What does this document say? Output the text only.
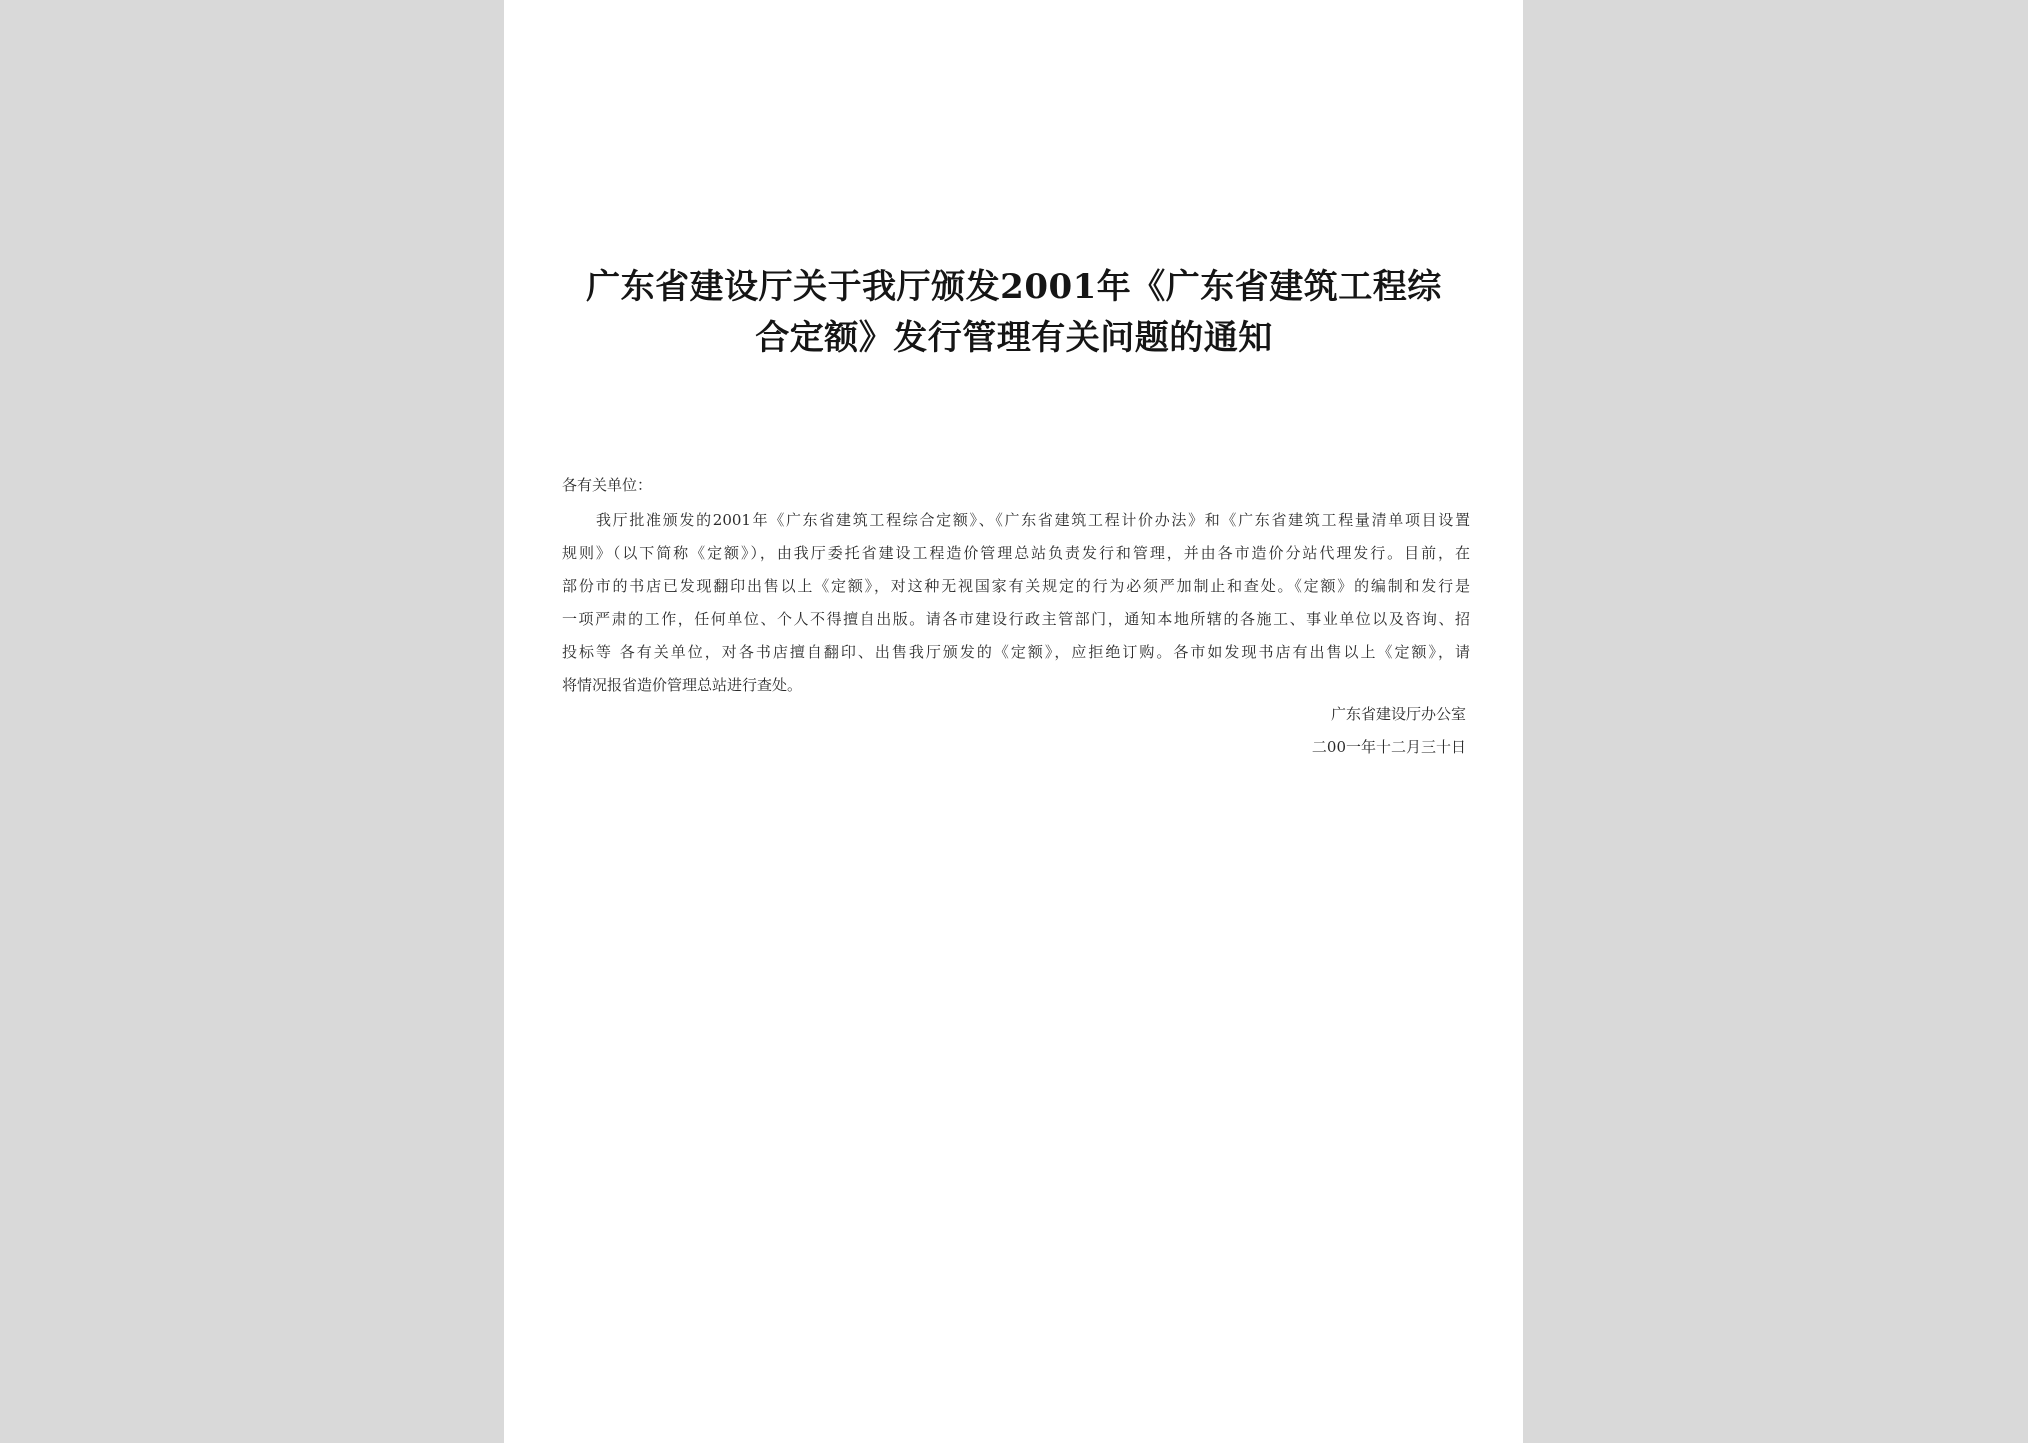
广东省建设厅关于我厅颁发2001年《广东省建筑工程综
合定额》发行管理有关问题的通知
各有关单位：
我厅批准颁发的2001年《广东省建筑工程综合定额》、《广东省建筑工程计价办法》和《广东省建筑工程量清单项目设置
规则》（以下简称《定额》），由我厅委托省建设工程造价管理总站负责发行和管理，并由各市造价分站代理发行。目前，在
部份市的书店已发现翻印出售以上《定额》，对这种无视国家有关规定的行为必须严加制止和查处。《定额》的编制和发行是
一项严肃的工作，任何单位、个人不得擅自出版。请各市建设行政主管部门，通知本地所辖的各施工、事业单位以及咨询、招
投标等 各有关单位，对各书店擅自翻印、出售我厅颁发的《定额》，应拒绝订购。各市如发现书店有出售以上《定额》，请
将情况报省造价管理总站进行查处。
广东省建设厅办公室
二00一年十二月三十日
